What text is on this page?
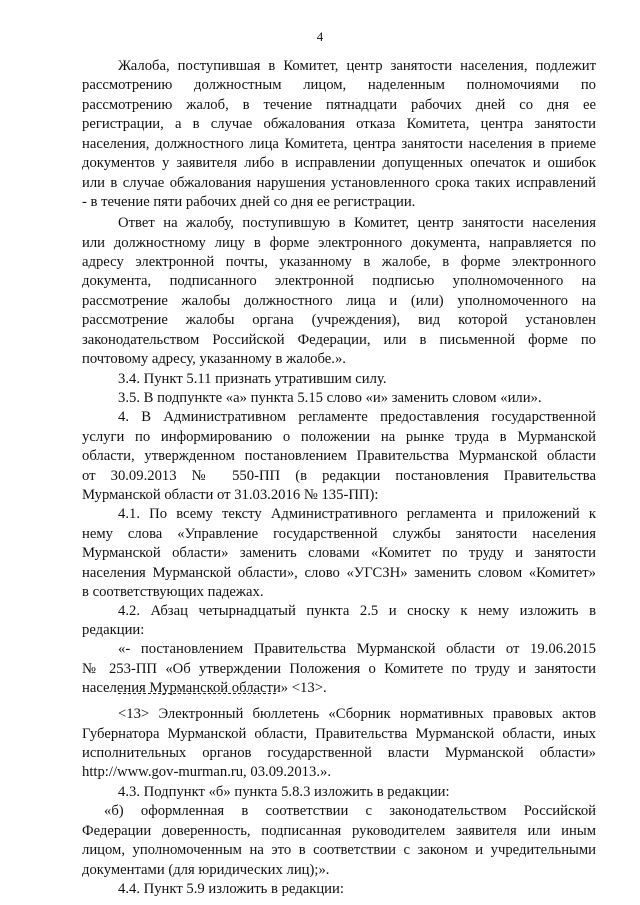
4
Жалоба, поступившая в Комитет, центр занятости населения, подлежит
рассмотрению должностным лицом, наделенным полномочиями по
рассмотрению жалоб, в течение пятнадцати рабочих дней со дня ее
регистрации, а в случае обжалования отказа Комитета, центра занятости
населения, должностного лица Комитета, центра занятости населения в приеме
документов у заявителя либо в исправлении допущенных опечаток и ошибок
или в случае обжалования нарушения установленного срока таких исправлений
- в течение пяти рабочих дней со дня ее регистрации.
Ответ на жалобу, поступившую в Комитет, центр занятости населения
или должностному лицу в форме электронного документа, направляется по
адресу электронной почты, указанному в жалобе, в форме электронного
документа, подписанного электронной подписью уполномоченного на
рассмотрение жалобы должностного лица и (или) уполномоченного на
рассмотрение жалобы органа (учреждения), вид которой установлен
законодательством Российской Федерации, или в письменной форме по
почтовому адресу, указанному в жалобе.».
3.4. Пункт 5.11 признать утратившим силу.
3.5. В подпункте «а» пункта 5.15 слово «и» заменить словом «или».
4. В Административном регламенте предоставления государственной
услуги по информированию о положении на рынке труда в Мурманской
области, утвержденном постановлением Правительства Мурманской области
от 30.09.2013 № 550-ПП (в редакции постановления Правительства
Мурманской области от 31.03.2016 № 135-ПП):
4.1. По всему тексту Административного регламента и приложений к
нему слова «Управление государственной службы занятости населения
Мурманской области» заменить словами «Комитет по труду и занятости
населения Мурманской области», слово «УГСЗН» заменить словом «Комитет»
в соответствующих падежах.
4.2. Абзац четырнадцатый пункта 2.5 и сноску к нему изложить в
редакции:
«- постановлением Правительства Мурманской области от 19.06.2015
№ 253-ПП «Об утверждении Положения о Комитете по труду и занятости
населения Мурманской области» <13>.
<13> Электронный бюллетень «Сборник нормативных правовых актов
Губернатора Мурманской области, Правительства Мурманской области, иных
исполнительных органов государственной власти Мурманской области»
http://www.gov-murman.ru, 03.09.2013.».
4.3. Подпункт «б» пункта 5.8.3 изложить в редакции:
«б) оформленная в соответствии с законодательством Российской
Федерации доверенность, подписанная руководителем заявителя или иным
лицом, уполномоченным на это в соответствии с законом и учредительными
документами (для юридических лиц);».
4.4. Пункт 5.9 изложить в редакции:
